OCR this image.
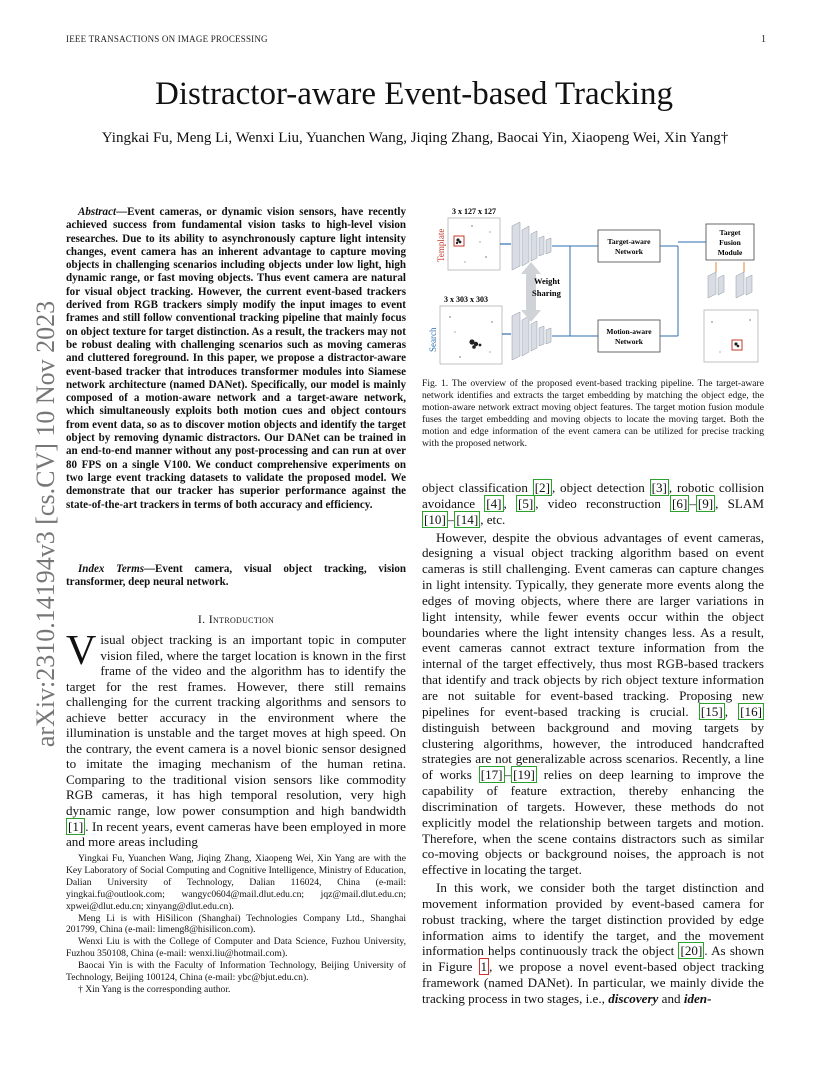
IEEE TRANSACTIONS ON IMAGE PROCESSING	1
Distractor-aware Event-based Tracking
Yingkai Fu, Meng Li, Wenxi Liu, Yuanchen Wang, Jiqing Zhang, Baocai Yin, Xiaopeng Wei, Xin Yang†
arXiv:2310.14194v3 [cs.CV] 10 Nov 2023
Abstract—Event cameras, or dynamic vision sensors, have recently achieved success from fundamental vision tasks to high-level vision researches. Due to its ability to asynchronously capture light intensity changes, event camera has an inherent advantage to capture moving objects in challenging scenarios including objects under low light, high dynamic range, or fast moving objects. Thus event camera are natural for visual object tracking. However, the current event-based trackers derived from RGB trackers simply modify the input images to event frames and still follow conventional tracking pipeline that mainly focus on object texture for target distinction. As a result, the trackers may not be robust dealing with challenging scenarios such as moving cameras and cluttered foreground. In this paper, we propose a distractor-aware event-based tracker that introduces transformer modules into Siamese network architecture (named DANet). Specifically, our model is mainly composed of a motion-aware network and a target-aware network, which simultaneously exploits both motion cues and object contours from event data, so as to discover motion objects and identify the target object by removing dynamic distractors. Our DANet can be trained in an end-to-end manner without any post-processing and can run at over 80 FPS on a single V100. We conduct comprehensive experiments on two large event tracking datasets to validate the proposed model. We demonstrate that our tracker has superior performance against the state-of-the-art trackers in terms of both accuracy and efficiency.
Index Terms—Event camera, visual object tracking, vision transformer, deep neural network.
I. Introduction
Visual object tracking is an important topic in computer vision filed, where the target location is known in the first frame of the video and the algorithm has to identify the target for the rest frames. However, there still remains challenging for the current tracking algorithms and sensors to achieve better accuracy in the environment where the illumination is unstable and the target moves at high speed. On the contrary, the event camera is a novel bionic sensor designed to imitate the imaging mechanism of the human retina. Comparing to the traditional vision sensors like commodity RGB cameras, it has high temporal resolution, very high dynamic range, low power consumption and high bandwidth [1] . In recent years, event cameras have been employed in more and more areas including

Yingkai Fu, Yuanchen Wang, Jiqing Zhang, Xiaopeng Wei, Xin Yang are with the Key Laboratory of Social Computing and Cognitive Intelligence, Ministry of Education, Dalian University of Technology, Dalian 116024, China (e-mail: yingkai.fu@outlook.com; wangyc0604@mail.dlut.edu.cn; jqz@mail.dlut.edu.cn; xpwei@dlut.edu.cn; xinyang@dlut.edu.cn).

Meng Li is with HiSilicon (Shanghai) Technologies Company Ltd., Shanghai 201799, China (e-mail: limeng8@hisilicon.com).

Wenxi Liu is with the College of Computer and Data Science, Fuzhou University, Fuzhou 350108, China (e-mail: wenxi.liu@hotmail.com).

Baocai Yin is with the Faculty of Information Technology, Beijing University of Technology, Beijing 100124, China (e-mail: ybc@bjut.edu.cn).

† Xin Yang is the corresponding author.

3 x 127 x 127
3 x 303 x 303
Template
Search
Weight
Sharing
Target-aware
Network
Motion-aware
Network
Target
Fusion
Module
Fig. 1. The overview of the proposed event-based tracking pipeline. The target-aware network identifies and extracts the target embedding by matching the object edge, the motion-aware network extract moving object features. The target motion fusion module fuses the target embedding and moving objects to locate the moving target. Both the motion and edge information of the event camera can be utilized for precise tracking with the proposed network.

object classification [2] , object detection [3] , robotic collision avoidance [4] , [5] , video reconstruction [6] – [9] , SLAM [10] – [14] , etc.

However, despite the obvious advantages of event cameras, designing a visual object tracking algorithm based on event cameras is still challenging. Event cameras can capture changes in light intensity. Typically, they generate more events along the edges of moving objects, where there are larger variations in light intensity, while fewer events occur within the object boundaries where the light intensity changes less. As a result, event cameras cannot extract texture information from the internal of the target effectively, thus most RGB-based trackers that identify and track objects by rich object texture information are not suitable for event-based tracking. Proposing new pipelines for event-based tracking is crucial. [15] , [16] distinguish between background and moving targets by clustering algorithms, however, the introduced handcrafted strategies are not generalizable across scenarios. Recently, a line of works [17] – [19] relies on deep learning to improve the capability of feature extraction, thereby enhancing the discrimination of targets. However, these methods do not explicitly model the relationship between targets and motion. Therefore, when the scene contains distractors such as similar co-moving objects or background noises, the approach is not effective in locating the target.

In this work, we consider both the target distinction and movement information provided by event-based camera for robust tracking, where the target distinction provided by edge information aims to identify the target, and the movement information helps continuously track the object [20] . As shown in Figure 1 , we propose a novel event-based object tracking framework (named DANet). In particular, we mainly divide the tracking process in two stages, i.e., discovery and iden-
